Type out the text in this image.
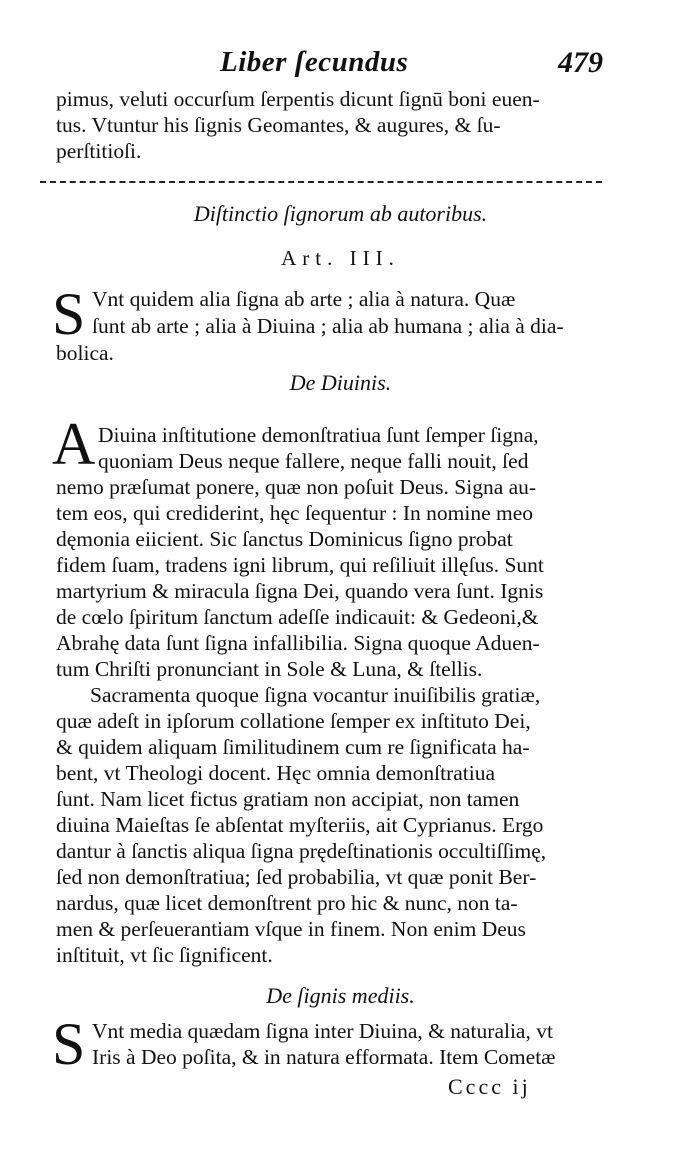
Liber ſecundus	479
pimus, veluti occurſum ſerpentis dicunt ſignū boni euen-
tus. Vtuntur his ſignis Geomantes, & augures, & ſu-
perſtitioſi.
Diſtinctio ſignorum ab autoribus.
Art. III.
S Vnt quidem alia ſigna ab arte ; alia à natura. Quæ
ſunt ab arte ; alia à Diuina ; alia ab humana ; alia à dia-
bolica.
De Diuinis.
A Diuina inſtitutione demonſtratiua ſunt ſemper ſigna,
quoniam Deus neque fallere, neque falli nouit, ſed
nemo præſumat ponere, quæ non poſuit Deus. Signa au-
tem eos, qui crediderint, hęc ſequentur : In nomine meo
dęmonia eiicient. Sic ſanctus Dominicus ſigno probat
fidem ſuam, tradens igni librum, qui reſiliuit illęſus. Sunt
martyrium & miracula ſigna Dei, quando vera ſunt. Ignis
de cœlo ſpiritum ſanctum adeſſe indicauit: & Gedeoni,&
Abrahę data ſunt ſigna infallibilia. Signa quoque Aduen-
tum Chriſti pronunciant in Sole & Luna, & ſtellis.
Sacramenta quoque ſigna vocantur inuiſibilis gratiæ,
quæ adeſt in ipſorum collatione ſemper ex inſtituto Dei,
& quidem aliquam ſimilitudinem cum re ſignificata ha-
bent, vt Theologi docent. Hęc omnia demonſtratiua
ſunt. Nam licet fictus gratiam non accipiat, non tamen
diuina Maieſtas ſe abſentat myſteriis, ait Cyprianus. Ergo
dantur à ſanctis aliqua ſigna prędeſtinationis occultiſſimę,
ſed non demonſtratiua; ſed probabilia, vt quæ ponit Ber-
nardus, quæ licet demonſtrent pro hic & nunc, non ta-
men & perſeuerantiam vſque in finem. Non enim Deus
inſtituit, vt ſic ſignificent.
De ſignis mediis.
S Vnt media quædam ſigna inter Diuina, & naturalia, vt
Iris à Deo poſita, & in natura efformata. Item Cometæ
Cccc ij
